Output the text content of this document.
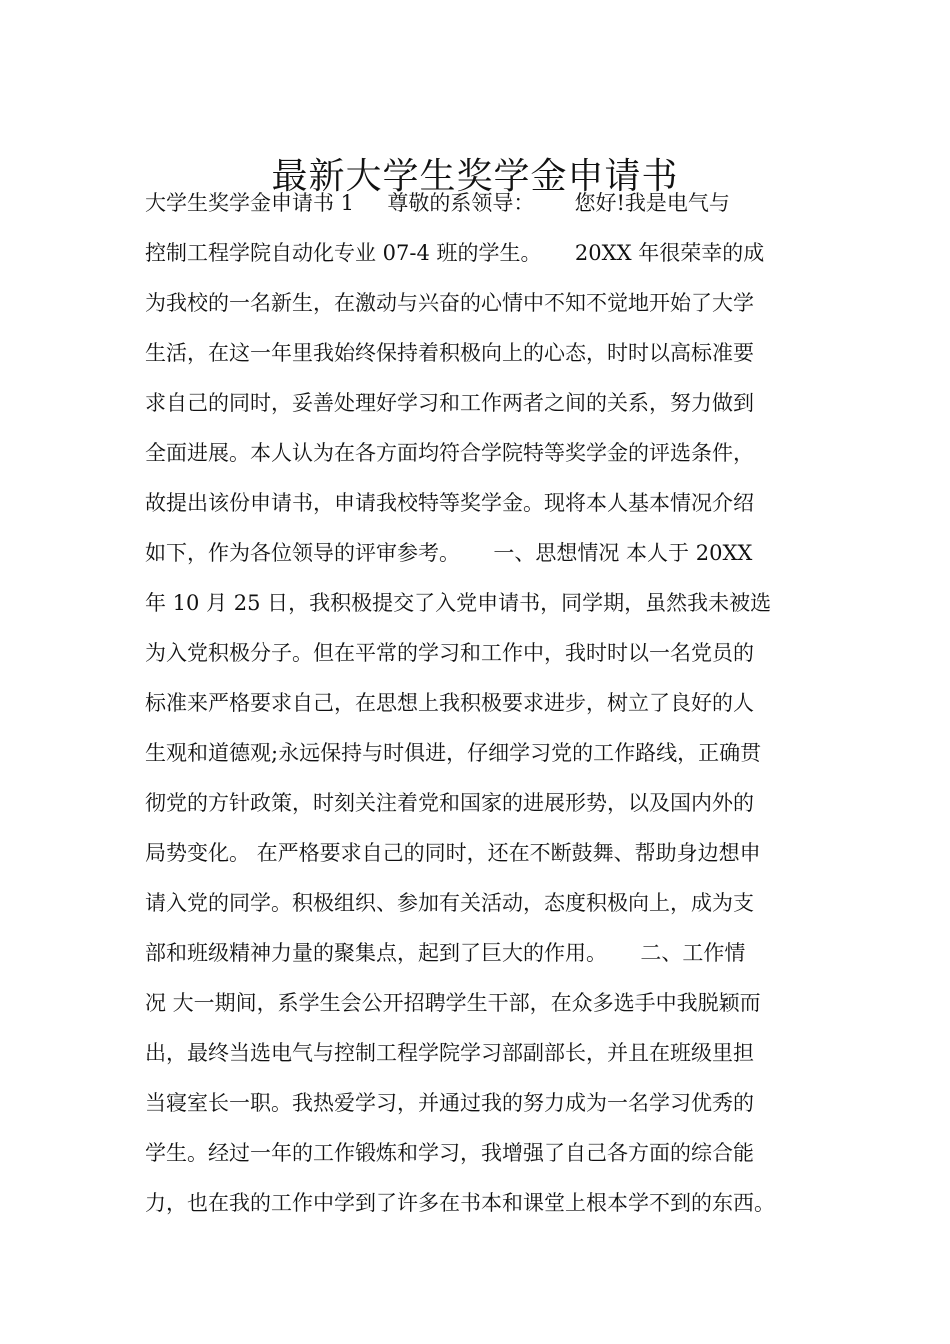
最新大学生奖学金申请书
大学生奖学金申请书 1     尊敬的系领导：      您好!我是电气与
控制工程学院自动化专业 07-4 班的学生。     20XX 年很荣幸的成
为我校的一名新生，在激动与兴奋的心情中不知不觉地开始了大学
生活，在这一年里我始终保持着积极向上的心态，时时以高标准要
求自己的同时，妥善处理好学习和工作两者之间的关系，努力做到
全面进展。本人认为在各方面均符合学院特等奖学金的评选条件，
故提出该份申请书，申请我校特等奖学金。现将本人基本情况介绍
如下，作为各位领导的评审参考。     一、思想情况 本人于 20XX
年 10 月 25 日，我积极提交了入党申请书，同学期，虽然我未被选
为入党积极分子。但在平常的学习和工作中，我时时以一名党员的
标准来严格要求自己，在思想上我积极要求进步，树立了良好的人
生观和道德观;永远保持与时俱进，仔细学习党的工作路线，正确贯
彻党的方针政策，时刻关注着党和国家的进展形势，以及国内外的
局势变化。 在严格要求自己的同时，还在不断鼓舞、帮助身边想申
请入党的同学。积极组织、参加有关活动，态度积极向上，成为支
部和班级精神力量的聚集点，起到了巨大的作用。     二、工作情
况 大一期间，系学生会公开招聘学生干部，在众多选手中我脱颖而
出，最终当选电气与控制工程学院学习部副部长，并且在班级里担
当寝室长一职。我热爱学习，并通过我的努力成为一名学习优秀的
学生。经过一年的工作锻炼和学习，我增强了自己各方面的综合能
力，也在我的工作中学到了许多在书本和课堂上根本学不到的东西。
